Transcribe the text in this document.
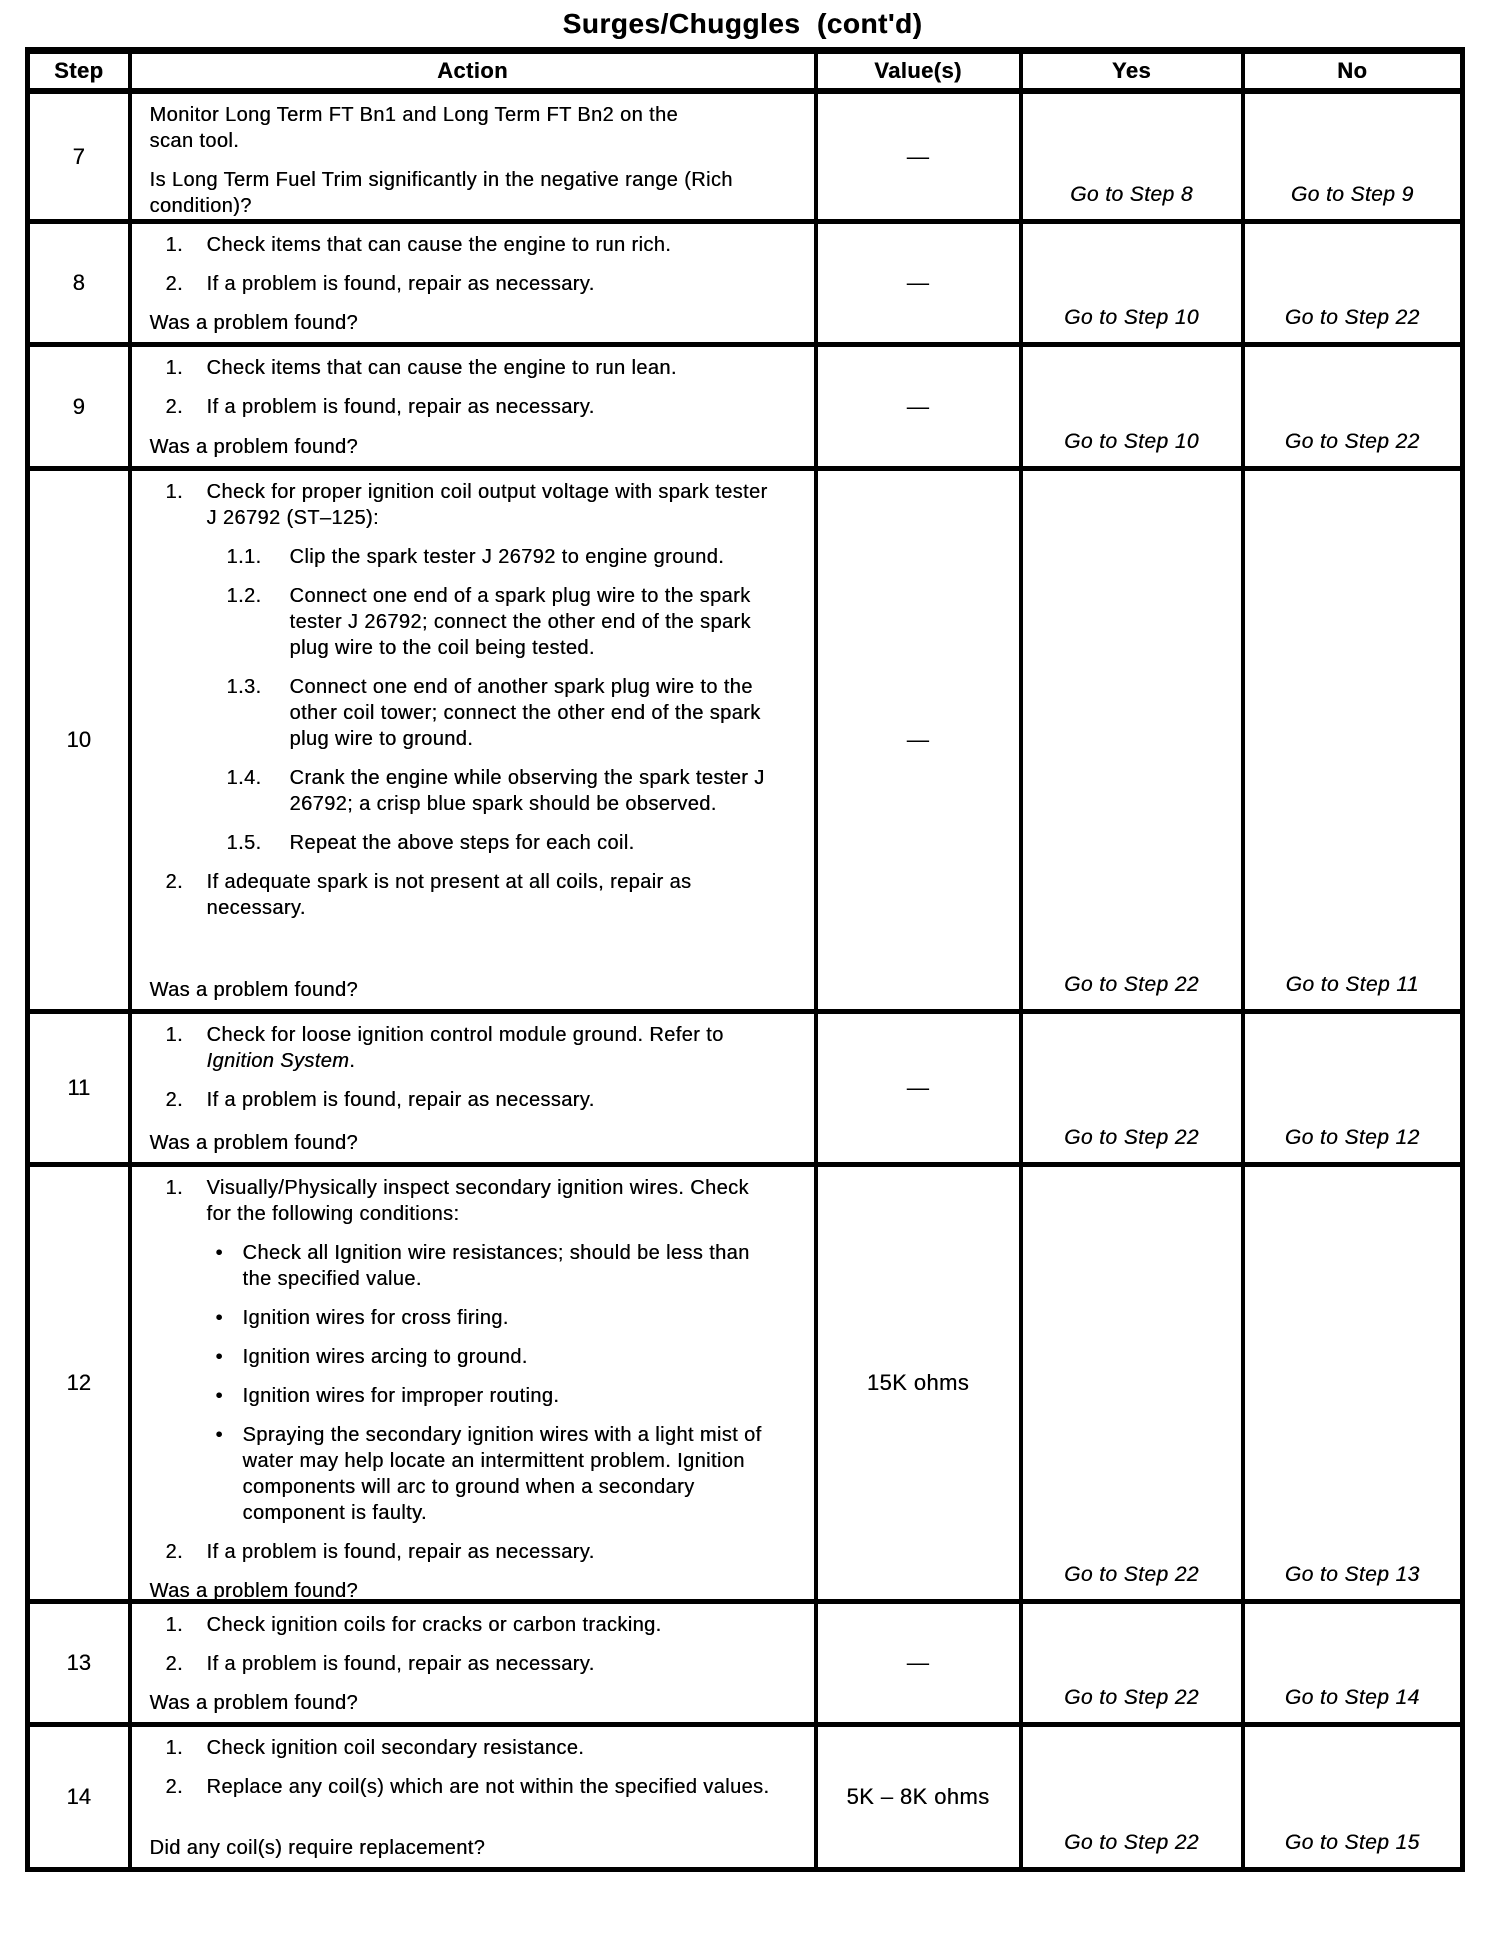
Surges/Chuggles  (cont'd)
Step	Action	Value(s)	Yes	No
7	Monitor Long Term FT Bn1 and Long Term FT Bn2 on the scan tool.
Is Long Term Fuel Trim significantly in the negative range (Rich condition)?	—	Go to Step 8	Go to Step 9
8	1. Check items that can cause the engine to run rich.
2. If a problem is found, repair as necessary.
Was a problem found?	—	Go to Step 10	Go to Step 22
9	1. Check items that can cause the engine to run lean.
2. If a problem is found, repair as necessary.
Was a problem found?	—	Go to Step 10	Go to Step 22
10	
1. Check for proper ignition coil output voltage with spark tester J 26792 (ST–125):
1.1. Clip the spark tester J 26792 to engine ground.
1.2. Connect one end of a spark plug wire to the spark tester J 26792; connect the other end of the spark plug wire to the coil being tested.
1.3. Connect one end of another spark plug wire to the other coil tower; connect the other end of the spark plug wire to ground.
1.4. Crank the engine while observing the spark tester J 26792; a crisp blue spark should be observed.
1.5. Repeat the above steps for each coil.
2. If adequate spark is not present at all coils, repair as necessary.
Was a problem found?
	—	Go to Step 22	Go to Step 11
11	1. Check for loose ignition control module ground. Refer to Ignition System.
2. If a problem is found, repair as necessary.
Was a problem found?	—	Go to Step 22	Go to Step 12
12	
1. Visually/Physically inspect secondary ignition wires. Check for the following conditions:
• Check all Ignition wire resistances; should be less than the specified value.
• Ignition wires for cross firing.
• Ignition wires arcing to ground.
• Ignition wires for improper routing.
• Spraying the secondary ignition wires with a light mist of water may help locate an intermittent problem. Ignition components will arc to ground when a secondary component is faulty.
2. If a problem is found, repair as necessary.
Was a problem found?
	15K ohms	Go to Step 22	Go to Step 13
13	1. Check ignition coils for cracks or carbon tracking.
2. If a problem is found, repair as necessary.
Was a problem found?	—	Go to Step 22	Go to Step 14
14	1. Check ignition coil secondary resistance.
2. Replace any coil(s) which are not within the specified values.
Did any coil(s) require replacement?	5K – 8K ohms	Go to Step 22	Go to Step 15
